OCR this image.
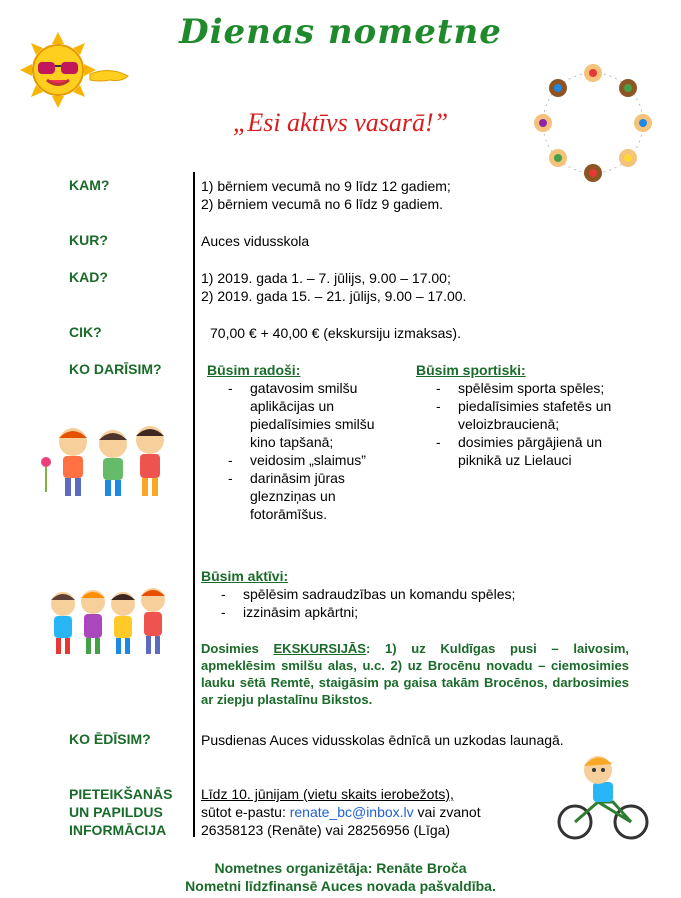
Dienas nometne
„Esi aktīvs vasarā!”
KAM?	1) bērniem vecumā no 9 līdz 12 gadiem;
2) bērniem vecumā no 6 līdz 9 gadiem.
KUR?	Auces vidusskola
KAD?	1) 2019. gada 1. – 7. jūlijs, 9.00 – 17.00;
2) 2019. gada 15. – 21. jūlijs, 9.00 – 17.00.
CIK?	70,00 € + 40,00 € (ekskursiju izmaksas).
KO DARĪSIM?	Būsim radoši:
- gatavosim smilšu aplikācijas un piedalīsimies smilšu kino tapšanā;
- veidosim „slaimus”
- darināsim jūras gleznziņas un fotorāmīšus.
Būsim sportiski:
- spēlēsim sporta spēles;
- piedalīsimies stafetēs un veloizbraucienā;
- dosimies pārgājienā un piknikā uz Lielauci
Būsim aktīvi:
- spēlēsim sadraudzības un komandu spēles;
- izzināsim apkārtni;
Dosimies EKSKURSIJĀS: 1) uz Kuldīgas pusi – laivosim, apmeklēsim smilšu alas, u.c. 2) uz Brocēnu novadu – ciemosimies lauku sētā Remtē, staigāsim pa gaisa takām Brocēnos, darbosimies ar ziepju plastalīnu Bikstos.
KO ĒDĪSIM?	Pusdienas Auces vidusskolas ēdnīcā un uzkodas launagā.
PIETEIKŠANĀS
UN PAPILDUS
INFORMĀCIJA
Līdz 10. jūnijam (vietu skaits ierobežots),
sūtot e-pastu: renate_bc@inbox.lv vai zvanot
26358123 (Renāte) vai 28256956 (Līga)
Nometnes organizētāja: Renāte Broča
Nometni līdzfinansē Auces novada pašvaldība.
